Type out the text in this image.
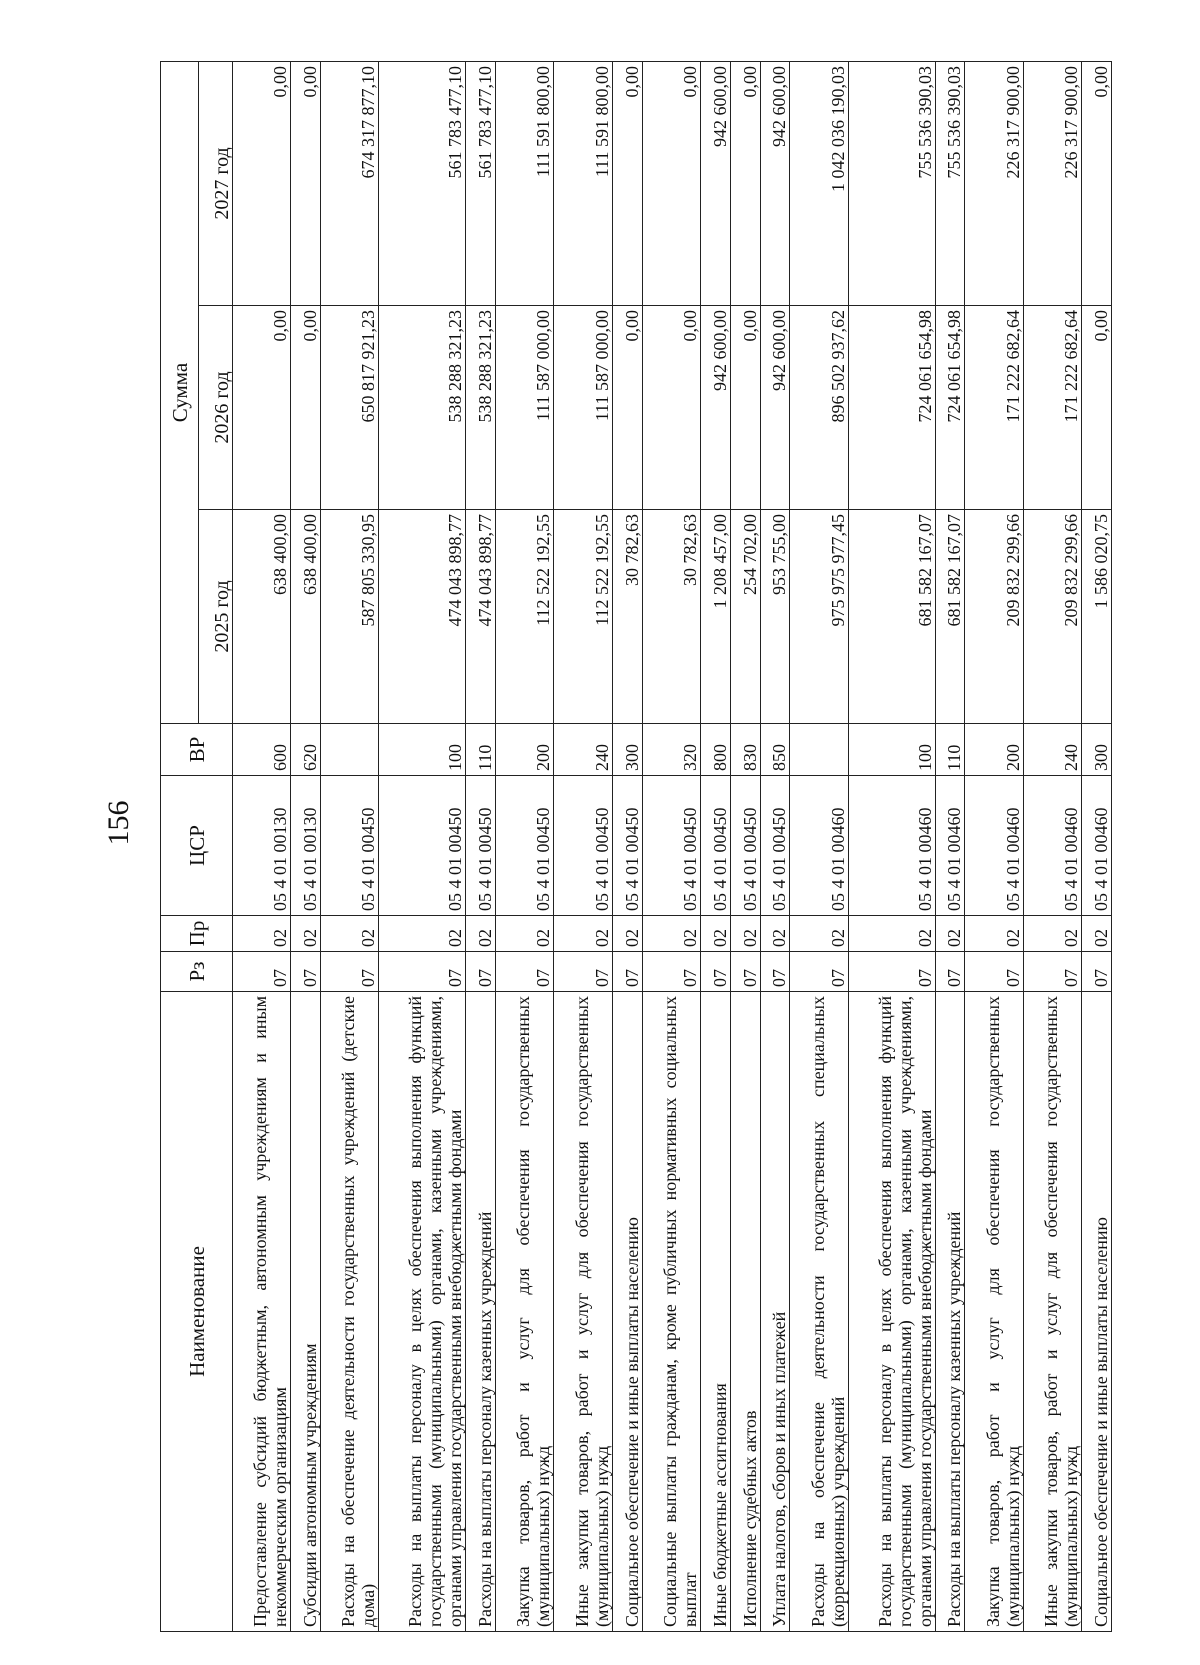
156
Наименование	Рз	Пр	ЦСР	ВР	Сумма		
					2025 год	2026 год	2027 год
Предоставление субсидий бюджетным, автономным учреждениям и иным некоммерческим организациям	07	02	05 4 01 00130	600	638 400,00	0,00	0,00
Субсидии автономным учреждениям	07	02	05 4 01 00130	620	638 400,00	0,00	0,00
Расходы на обеспечение деятельности государственных учреждений (детские дома)	07	02	05 4 01 00450		587 805 330,95	650 817 921,23	674 317 877,10
Расходы на выплаты персоналу в целях обеспечения выполнения функций государственными (муниципальными) органами, казенными учреждениями, органами управления государственными внебюджетными фондами	07	02	05 4 01 00450	100	474 043 898,77	538 288 321,23	561 783 477,10
Расходы на выплаты персоналу казенных учреждений	07	02	05 4 01 00450	110	474 043 898,77	538 288 321,23	561 783 477,10
Закупка товаров, работ и услуг для обеспечения государственных (муниципальных) нужд	07	02	05 4 01 00450	200	112 522 192,55	111 587 000,00	111 591 800,00
Иные закупки товаров, работ и услуг для обеспечения государственных (муниципальных) нужд	07	02	05 4 01 00450	240	112 522 192,55	111 587 000,00	111 591 800,00
Социальное обеспечение и иные выплаты населению	07	02	05 4 01 00450	300	30 782,63	0,00	0,00
Социальные выплаты гражданам, кроме публичных нормативных социальных выплат	07	02	05 4 01 00450	320	30 782,63	0,00	0,00
Иные бюджетные ассигнования	07	02	05 4 01 00450	800	1 208 457,00	942 600,00	942 600,00
Исполнение судебных актов	07	02	05 4 01 00450	830	254 702,00	0,00	0,00
Уплата налогов, сборов и иных платежей	07	02	05 4 01 00450	850	953 755,00	942 600,00	942 600,00
Расходы на обеспечение деятельности государственных специальных (коррекционных) учреждений	07	02	05 4 01 00460		975 975 977,45	896 502 937,62	1 042 036 190,03
Расходы на выплаты персоналу в целях обеспечения выполнения функций государственными (муниципальными) органами, казенными учреждениями, органами управления государственными внебюджетными фондами	07	02	05 4 01 00460	100	681 582 167,07	724 061 654,98	755 536 390,03
Расходы на выплаты персоналу казенных учреждений	07	02	05 4 01 00460	110	681 582 167,07	724 061 654,98	755 536 390,03
Закупка товаров, работ и услуг для обеспечения государственных (муниципальных) нужд	07	02	05 4 01 00460	200	209 832 299,66	171 222 682,64	226 317 900,00
Иные закупки товаров, работ и услуг для обеспечения государственных (муниципальных) нужд	07	02	05 4 01 00460	240	209 832 299,66	171 222 682,64	226 317 900,00
Социальное обеспечение и иные выплаты населению	07	02	05 4 01 00460	300	1 586 020,75	0,00	0,00
